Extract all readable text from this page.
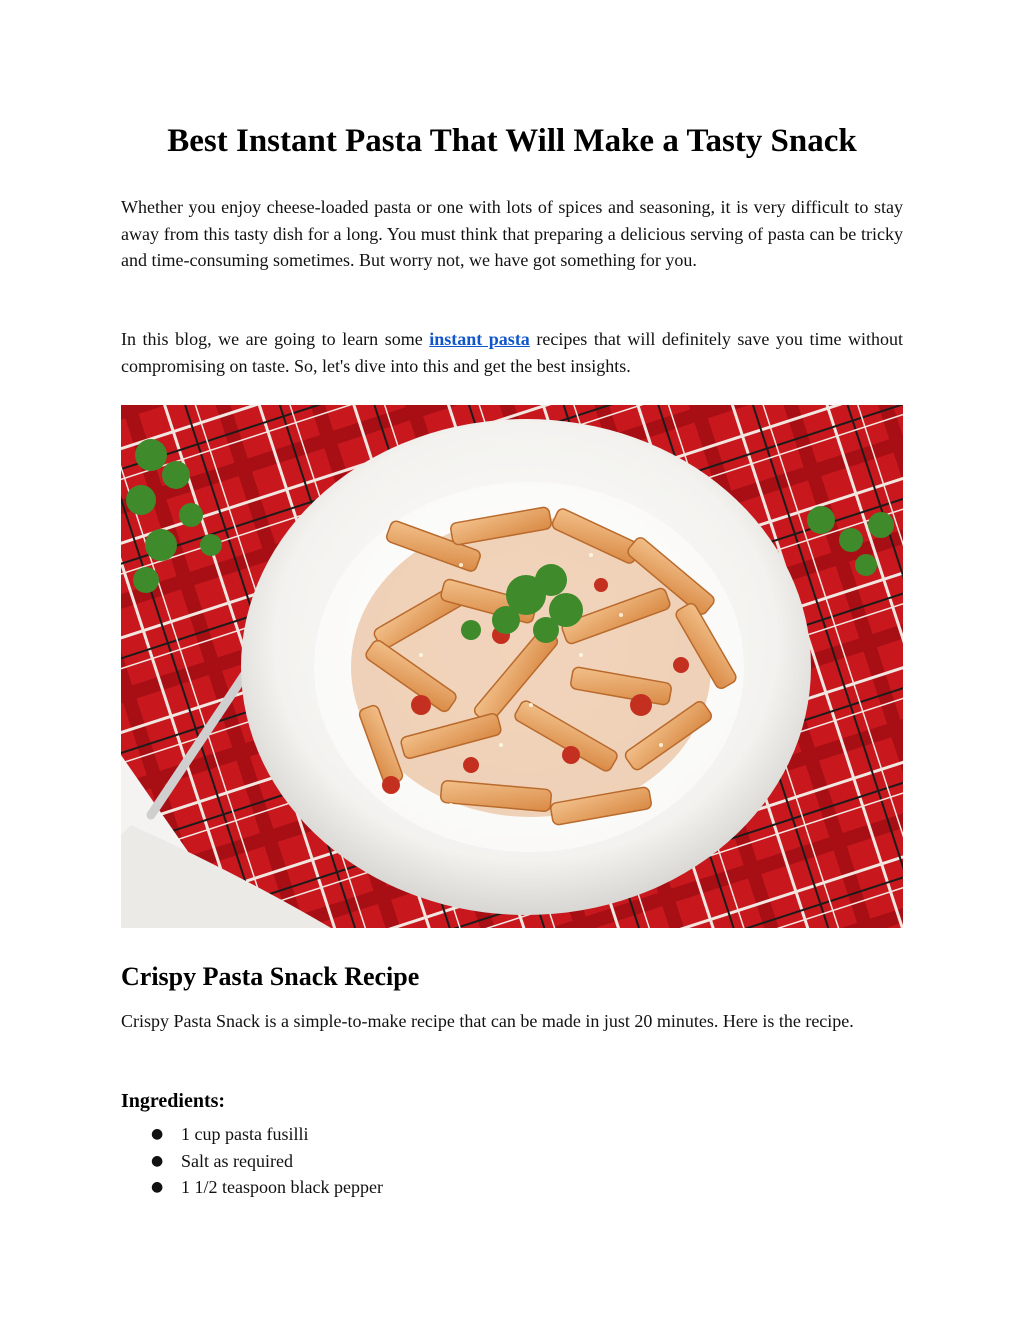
Best Instant Pasta That Will Make a Tasty Snack

Whether you enjoy cheese-loaded pasta or one with lots of spices and seasoning, it is very difficult to stay away from this tasty dish for a long. You must think that preparing a delicious serving of pasta can be tricky and time-consuming sometimes. But worry not, we have got something for you.

In this blog, we are going to learn some instant pasta recipes that will definitely save you time without compromising on taste. So, let's dive into this and get the best insights.

Crispy Pasta Snack Recipe

Crispy Pasta Snack is a simple-to-make recipe that can be made in just 20 minutes. Here is the recipe.

Ingredients:
● 1 cup pasta fusilli
● Salt as required
● 1 1/2 teaspoon black pepper
